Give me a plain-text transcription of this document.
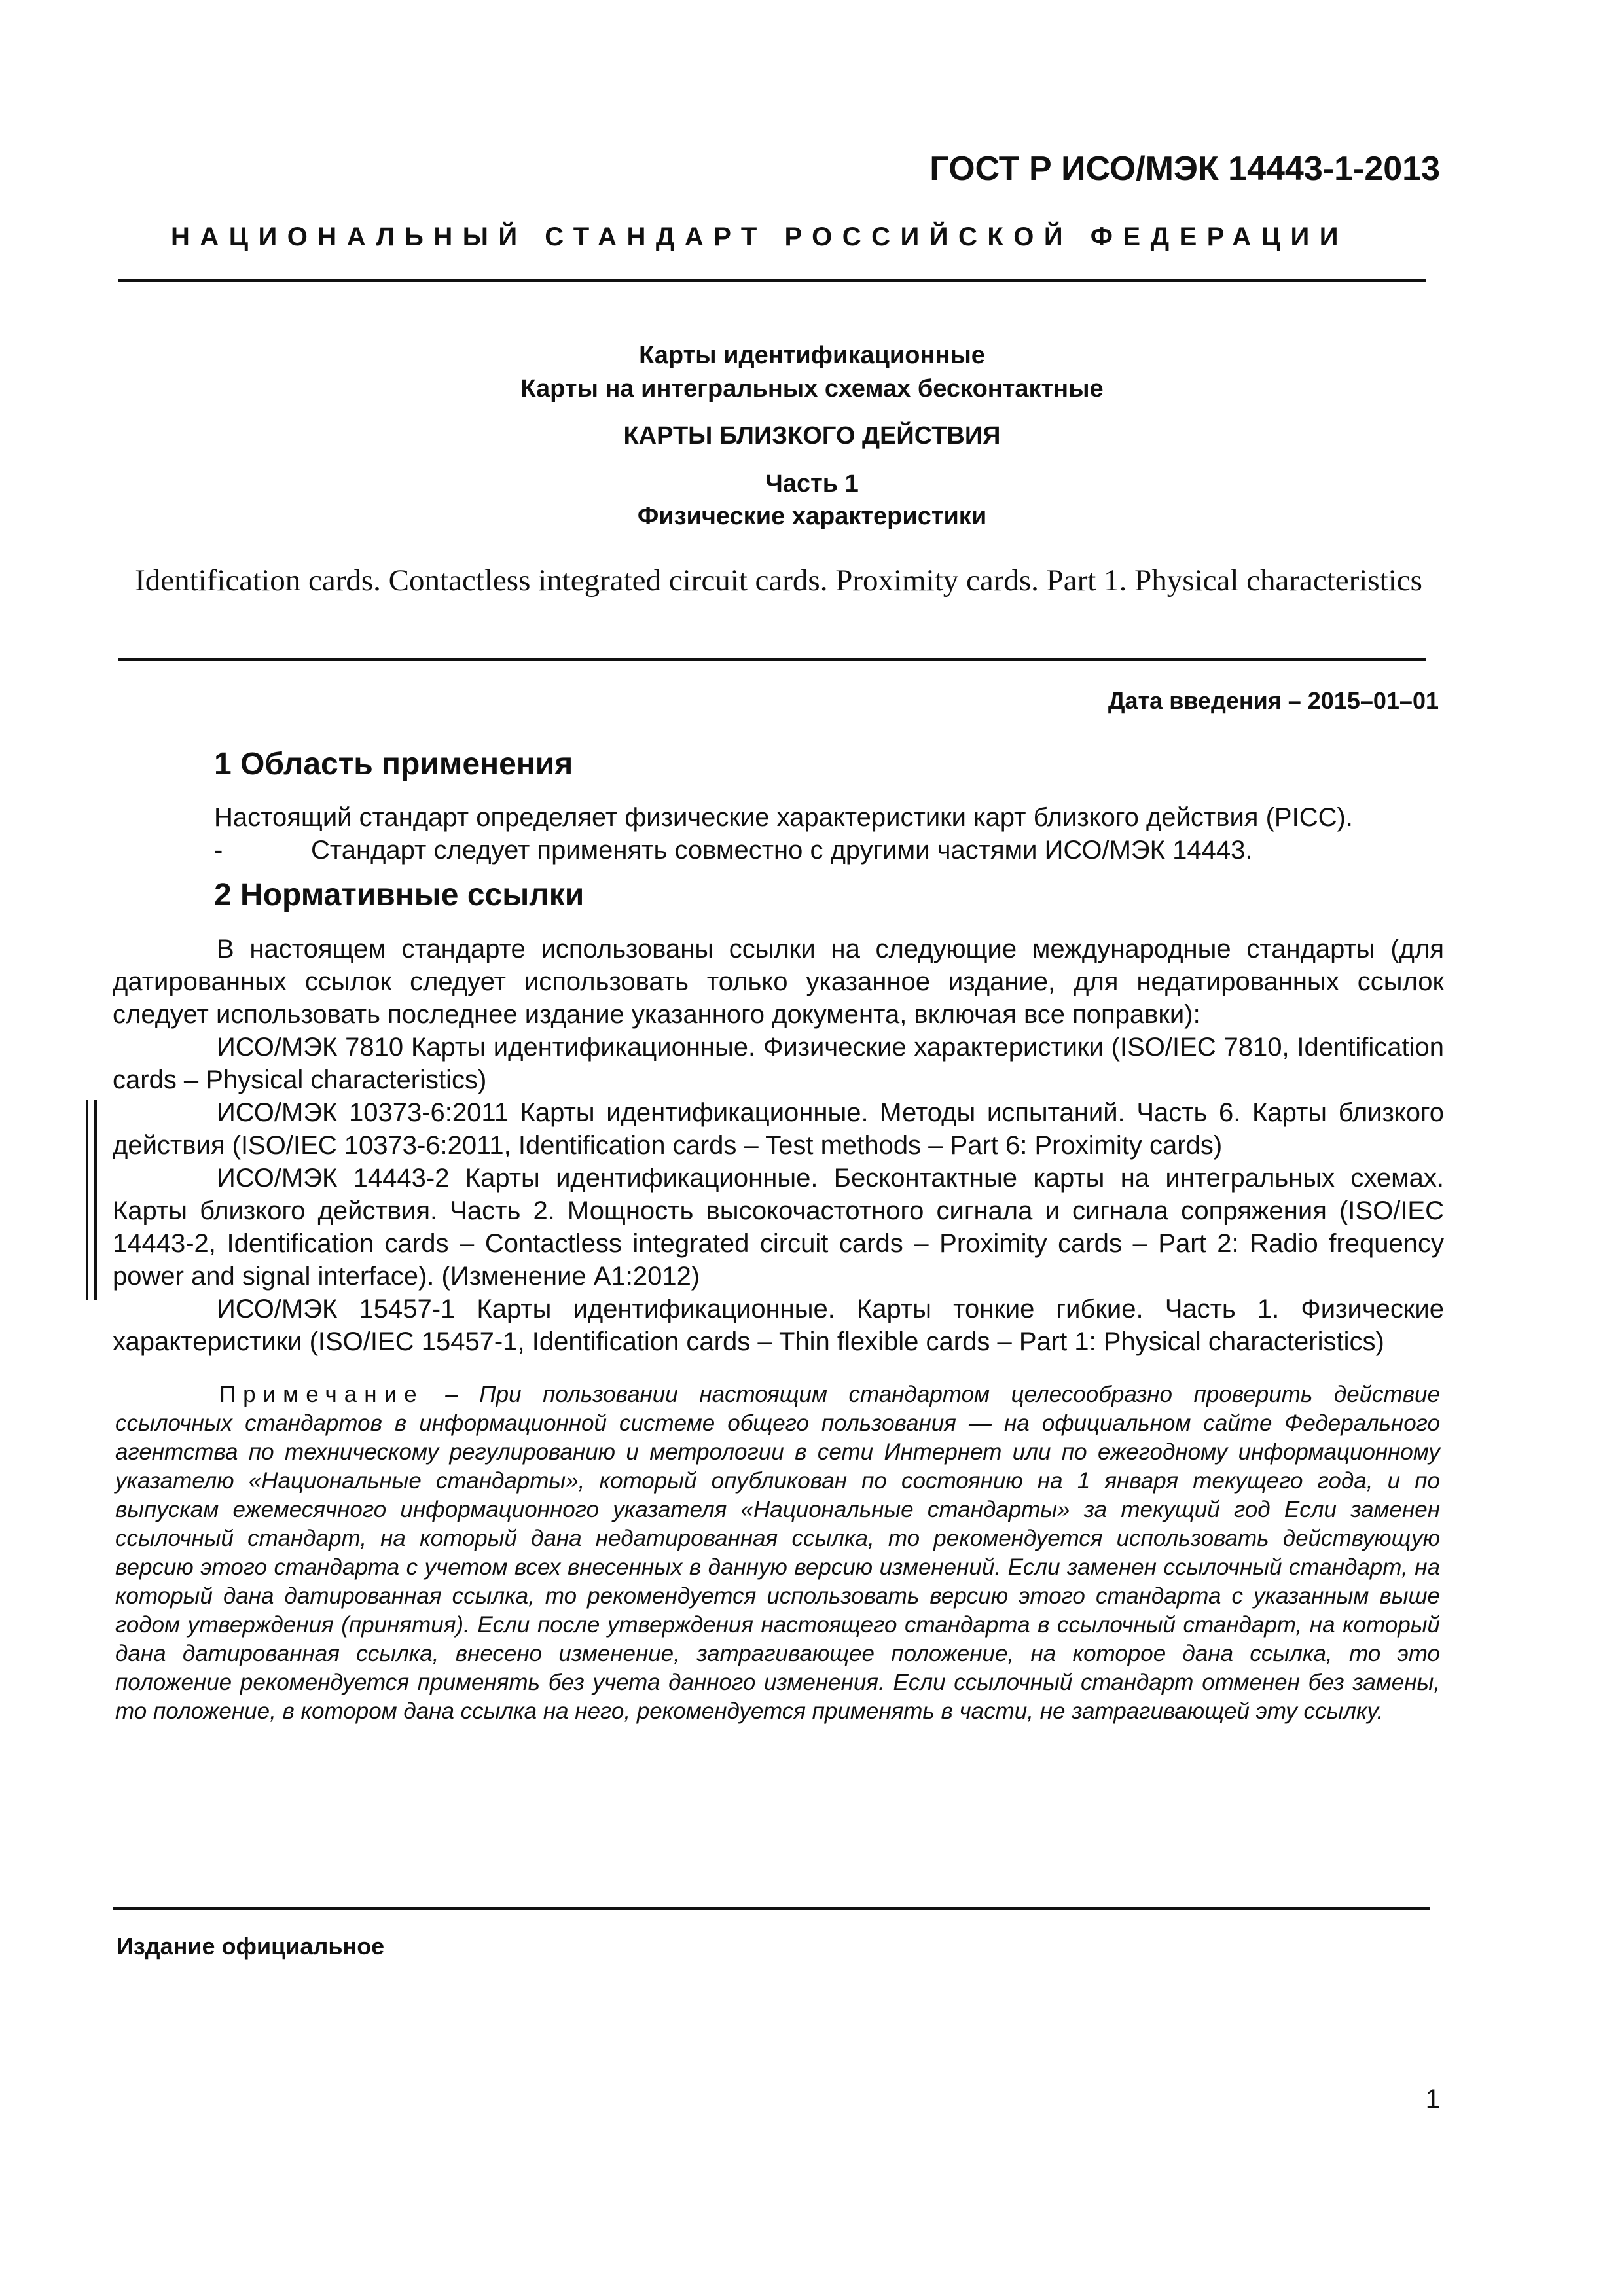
ГОСТ Р ИСО/МЭК 14443-1-2013
НАЦИОНАЛЬНЫЙ СТАНДАРТ РОССИЙСКОЙ ФЕДЕРАЦИИ
Карты идентификационные
Карты на интегральных схемах бесконтактные
КАРТЫ БЛИЗКОГО ДЕЙСТВИЯ
Часть 1
Физические характеристики
Identification cards. Contactless integrated circuit cards. Proximity cards. Part 1. Physical characteristics
Дата введения – 2015–01–01
1 Область применения
Настоящий стандарт определяет физические характеристики карт близкого действия (PICC).
-	Стандарт следует применять совместно с другими частями ИСО/МЭК 14443.
2 Нормативные ссылки
В настоящем стандарте использованы ссылки на следующие международные стандарты (для датированных ссылок следует использовать только указанное издание, для недатированных ссылок следует использовать последнее издание указанного документа, включая все поправки):
ИСО/МЭК 7810 Карты идентификационные. Физические характеристики (ISO/IEC 7810, Identification cards – Physical characteristics)
ИСО/МЭК 10373-6:2011 Карты идентификационные. Методы испытаний. Часть 6. Карты близкого действия (ISO/IEC 10373-6:2011, Identification cards – Test methods – Part 6: Proximity cards)
ИСО/МЭК 14443-2 Карты идентификационные. Бесконтактные карты на интегральных схемах. Карты близкого действия. Часть 2. Мощность высокочастотного сигнала и сигнала сопряжения (ISO/IEC 14443-2, Identification cards – Contactless integrated circuit cards – Proximity cards – Part 2: Radio frequency power and signal interface). (Изменение А1:2012)
ИСО/МЭК 15457-1 Карты идентификационные. Карты тонкие гибкие. Часть 1. Физические характеристики (ISO/IEC 15457-1, Identification cards – Thin flexible cards – Part 1: Physical characteristics)
Примечание – При пользовании настоящим стандартом целесообразно проверить действие ссылочных стандартов в информационной системе общего пользования — на официальном сайте Федерального агентства по техническому регулированию и метрологии в сети Интернет или по ежегодному информационному указателю «Национальные стандарты», который опубликован по состоянию на 1 января текущего года, и по выпускам ежемесячного информационного указателя «Национальные стандарты» за текущий год Если заменен ссылочный стандарт, на который дана недатированная ссылка, то рекомендуется использовать действующую версию этого стандарта с учетом всех внесенных в данную версию изменений. Если заменен ссылочный стандарт, на который дана датированная ссылка, то рекомендуется использовать версию этого стандарта с указанным выше годом утверждения (принятия). Если после утверждения настоящего стандарта в ссылочный стандарт, на который дана датированная ссылка, внесено изменение, затрагивающее положение, на которое дана ссылка, то это положение рекомендуется применять без учета данного изменения. Если ссылочный стандарт отменен без замены, то положение, в котором дана ссылка на него, рекомендуется применять в части, не затрагивающей эту ссылку.
Издание официальное
1
